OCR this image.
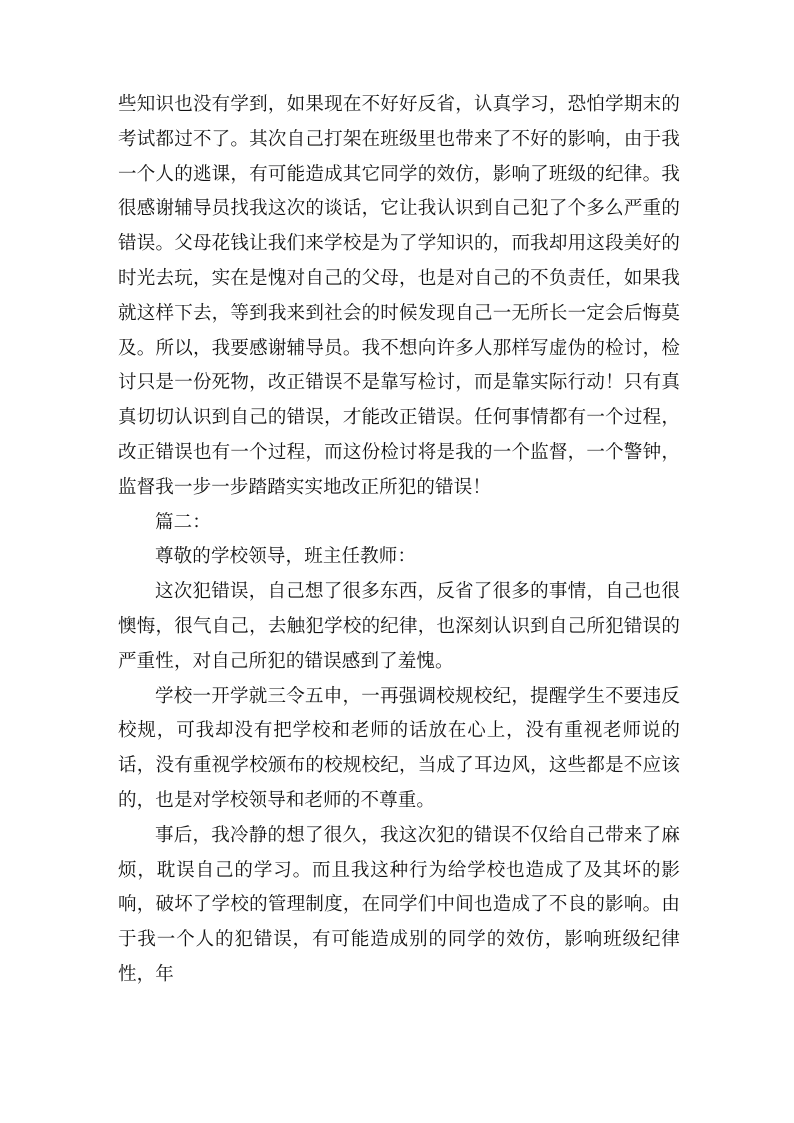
些知识也没有学到，如果现在不好好反省，认真学习，恐怕学期末的考试都过不了。其次自己打架在班级里也带来了不好的影响，由于我一个人的逃课，有可能造成其它同学的效仿，影响了班级的纪律。我很感谢辅导员找我这次的谈话，它让我认识到自己犯了个多么严重的错误。父母花钱让我们来学校是为了学知识的，而我却用这段美好的时光去玩，实在是愧对自己的父母，也是对自己的不负责任，如果我就这样下去，等到我来到社会的时候发现自己一无所长一定会后悔莫及。所以，我要感谢辅导员。我不想向许多人那样写虚伪的检讨，检讨只是一份死物，改正错误不是靠写检讨，而是靠实际行动！只有真真切切认识到自己的错误，才能改正错误。任何事情都有一个过程，改正错误也有一个过程，而这份检讨将是我的一个监督，一个警钟，监督我一步一步踏踏实实地改正所犯的错误！

篇二：

尊敬的学校领导，班主任教师：

这次犯错误，自己想了很多东西，反省了很多的事情，自己也很懊悔，很气自己，去触犯学校的纪律，也深刻认识到自己所犯错误的严重性，对自己所犯的错误感到了羞愧。

学校一开学就三令五申，一再强调校规校纪，提醒学生不要违反校规，可我却没有把学校和老师的话放在心上，没有重视老师说的话，没有重视学校颁布的校规校纪，当成了耳边风，这些都是不应该的，也是对学校领导和老师的不尊重。

事后，我冷静的想了很久，我这次犯的错误不仅给自己带来了麻烦，耽误自己的学习。而且我这种行为给学校也造成了及其坏的影响，破坏了学校的管理制度，在同学们中间也造成了不良的影响。由于我一个人的犯错误，有可能造成别的同学的效仿，影响班级纪律性，年
